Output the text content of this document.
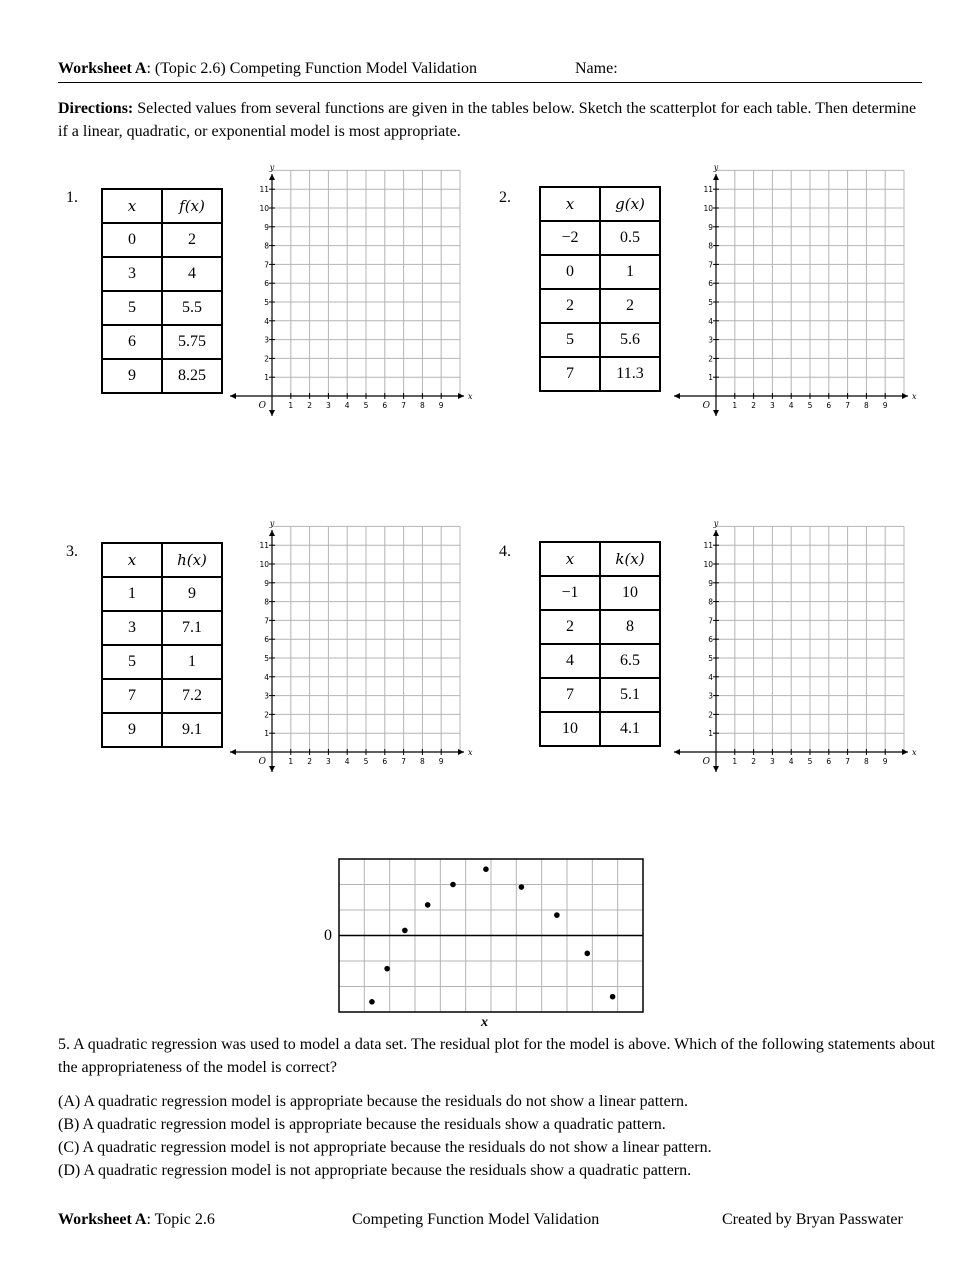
Worksheet A: (Topic 2.6) Competing Function Model Validation	Name:
Directions: Selected values from several functions are given in the tables below. Sketch the scatterplot for each table. Then determine if a linear, quadratic, or exponential model is most appropriate.
1.	x	f(x)
0	2
3	4
5	5.5
6	5.75
9	8.25
1 2 3 4 5 6 7 8 9
1
2
3
4
5
6
7
8
9
10
11
O
x
y
2.	x	g(x)
−2	0.5
0	1
2	2
5	5.6
7	11.3
1 2 3 4 5 6 7 8 9
1
2
3
4
5
6
7
8
9
10
11
O
x
y
3.	x	h(x)
1	9
3	7.1
5	1
7	7.2
9	9.1
1 2 3 4 5 6 7 8 9
1
2
3
4
5
6
7
8
9
10
11
O
x
y
4.	x	k(x)
−1	10
2	8
4	6.5
7	5.1
10	4.1
1 2 3 4 5 6 7 8 9
1
2
3
4
5
6
7
8
9
10
11
O
x
y
0
x
5. A quadratic regression was used to model a data set. The residual plot for the model is above. Which of the following statements about the appropriateness of the model is correct?
(A) A quadratic regression model is appropriate because the residuals do not show a linear pattern.
(B) A quadratic regression model is appropriate because the residuals show a quadratic pattern.
(C) A quadratic regression model is not appropriate because the residuals do not show a linear pattern.
(D) A quadratic regression model is not appropriate because the residuals show a quadratic pattern.
Worksheet A: Topic 2.6	Competing Function Model Validation	Created by Bryan Passwater
